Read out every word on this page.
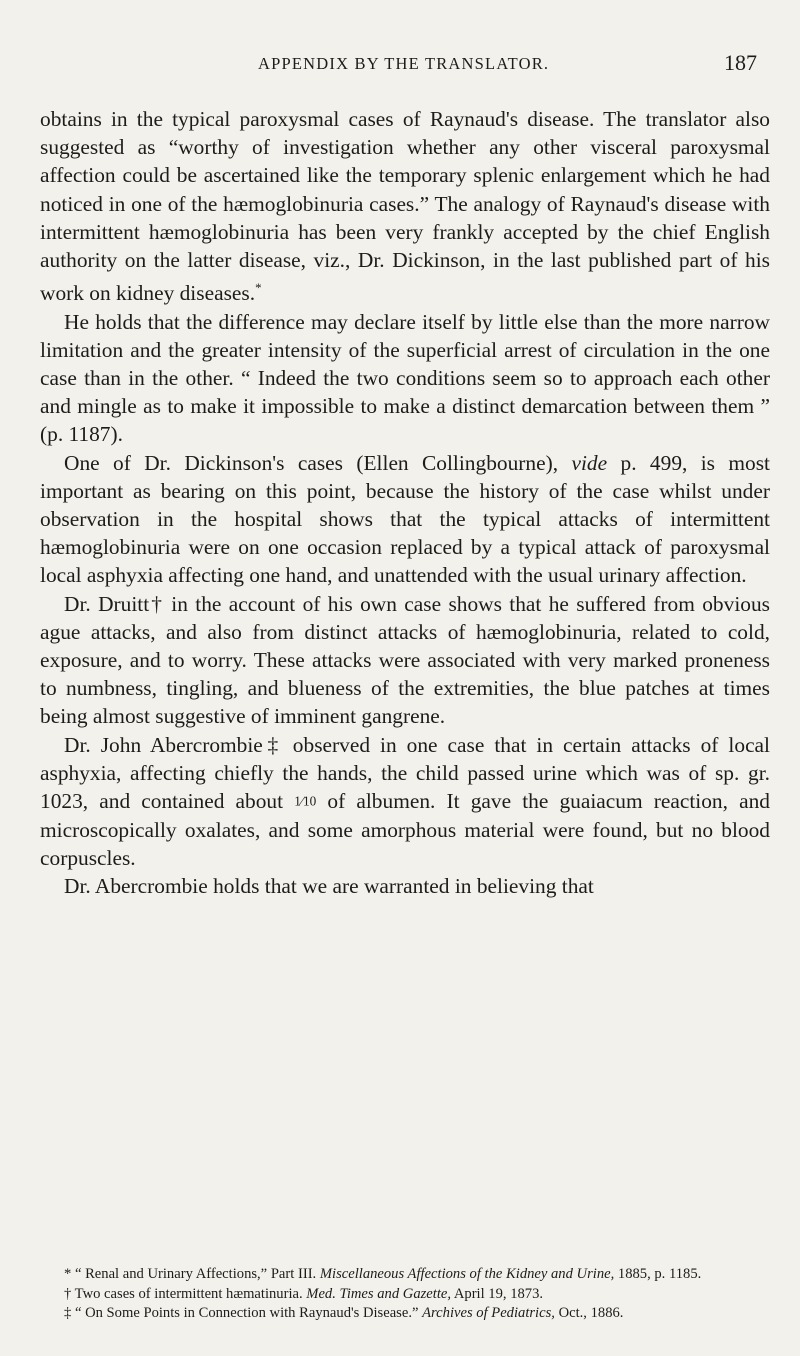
APPENDIX BY THE TRANSLATOR.	187

obtains in the typical paroxysmal cases of Raynaud's disease. The translator also suggested as “worthy of investigation whether any other visceral paroxysmal affection could be ascertained like the temporary splenic enlargement which he had noticed in one of the hæmoglobinuria cases.” The analogy of Raynaud's disease with intermittent hæmoglobinuria has been very frankly accepted by the chief English authority on the latter disease, viz., Dr. Dickinson, in the last published part of his work on kidney diseases.*

He holds that the difference may declare itself by little else than the more narrow limitation and the greater intensity of the superficial arrest of circulation in the one case than in the other. “ Indeed the two conditions seem so to approach each other and mingle as to make it impossible to make a distinct demarcation between them ” (p. 1187).

One of Dr. Dickinson's cases (Ellen Collingbourne), vide p. 499, is most important as bearing on this point, because the history of the case whilst under observation in the hospital shows that the typical attacks of intermittent hæmoglobinuria were on one occasion replaced by a typical attack of paroxysmal local asphyxia affecting one hand, and unattended with the usual urinary affection.

Dr. Druitt† in the account of his own case shows that he suffered from obvious ague attacks, and also from distinct attacks of hæmoglobinuria, related to cold, exposure, and to worry. These attacks were associated with very marked proneness to numbness, tingling, and blueness of the extremities, the blue patches at times being almost suggestive of imminent gangrene.

Dr. John Abercrombie‡ observed in one case that in certain attacks of local asphyxia, affecting chiefly the hands, the child passed urine which was of sp. gr. 1023, and contained about 1⁄10 of albumen. It gave the guaiacum reaction, and microscopically oxalates, and some amorphous material were found, but no blood corpuscles.

Dr. Abercrombie holds that we are warranted in believing that

* “ Renal and Urinary Affections,” Part III. Miscellaneous Affections of the Kidney and Urine, 1885, p. 1185.

† Two cases of intermittent hæmatinuria. Med. Times and Gazette, April 19, 1873.

‡ “ On Some Points in Connection with Raynaud's Disease.” Archives of Pediatrics, Oct., 1886.
